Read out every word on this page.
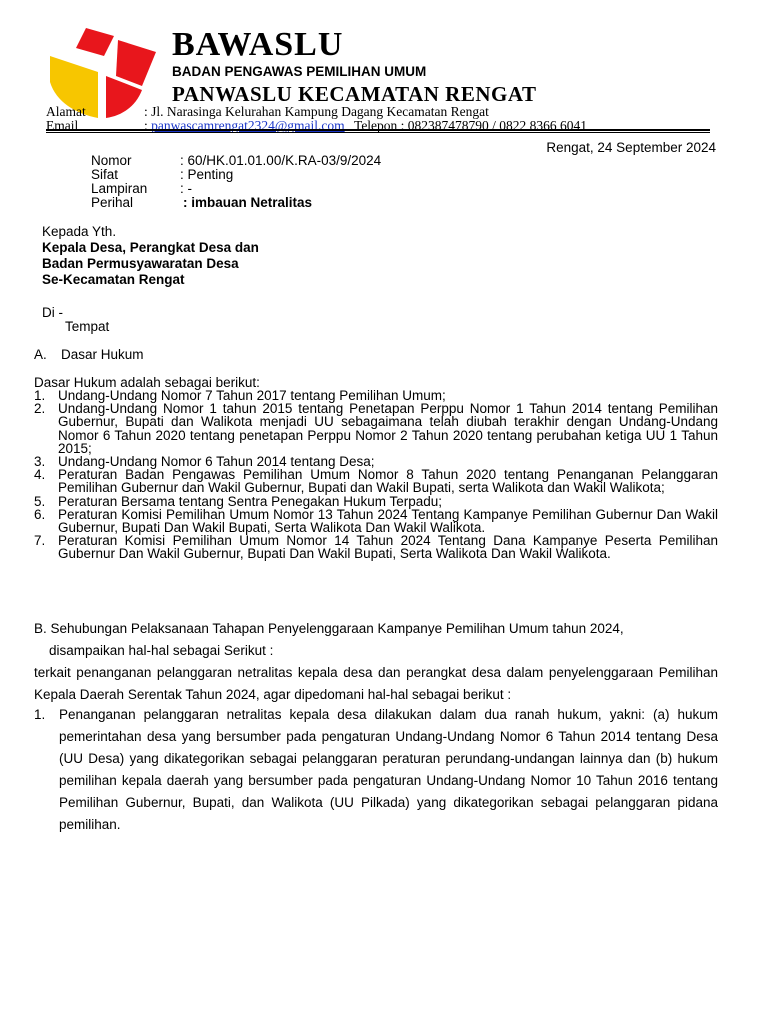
BAWASLU
BADAN PENGAWAS PEMILIHAN UMUM
PANWASLU KECAMATAN RENGAT
Alamat	: Jl. Narasinga Kelurahan Kampung Dagang Kecamatan Rengat
Email	: panwascamrengat2324@gmail.com Telepon : 082387478790 / 0822 8366 6041
Rengat, 24 September 2024
Nomor	: 60/HK.01.01.00/K.RA-03/9/2024
Sifat	: Penting
Lampiran : -
Perihal	: imbauan Netralitas
Kepada Yth.
Kepala Desa, Perangkat Desa dan
Badan Permusyawaratan Desa
Se-Kecamatan Rengat
Di -
Tempat
A. Dasar Hukum
Dasar Hukum adalah sebagai berikut:
1. Undang-Undang Nomor 7 Tahun 2017 tentang Pemilihan Umum;
2. Undang-Undang Nomor 1 tahun 2015 tentang Penetapan Perppu Nomor 1 Tahun 2014 tentang Pemilihan Gubernur, Bupati dan Walikota menjadi UU sebagaimana telah diubah terakhir dengan Undang-Undang Nomor 6 Tahun 2020 tentang penetapan Perppu Nomor 2 Tahun 2020 tentang perubahan ketiga UU 1 Tahun 2015;
3. Undang-Undang Nomor 6 Tahun 2014 tentang Desa;
4. Peraturan Badan Pengawas Pemilihan Umum Nomor 8 Tahun 2020 tentang Penanganan Pelanggaran Pemilihan Gubernur dan Wakil Gubernur, Bupati dan Wakil Bupati, serta Walikota dan Wakil Walikota;
5. Peraturan Bersama tentang Sentra Penegakan Hukum Terpadu;
6. Peraturan Komisi Pemilihan Umum Nomor 13 Tahun 2024 Tentang Kampanye Pemilihan Gubernur Dan Wakil Gubernur, Bupati Dan Wakil Bupati, Serta Walikota Dan Wakil Walikota.
7. Peraturan Komisi Pemilihan Umum Nomor 14 Tahun 2024 Tentang Dana Kampanye Peserta Pemilihan Gubernur Dan Wakil Gubernur, Bupati Dan Wakil Bupati, Serta Walikota Dan Wakil Walikota.
B. Sehubungan Pelaksanaan Tahapan Penyelenggaraan Kampanye Pemilihan Umum tahun 2024,
disampaikan hal-hal sebagai Serikut :
terkait penanganan pelanggaran netralitas kepala desa dan perangkat desa dalam penyelenggaraan Pemilihan Kepala Daerah Serentak Tahun 2024, agar dipedomani hal-hal sebagai berikut :
1. Penanganan pelanggaran netralitas kepala desa dilakukan dalam dua ranah hukum, yakni: (a) hukum pemerintahan desa yang bersumber pada pengaturan Undang-Undang Nomor 6 Tahun 2014 tentang Desa (UU Desa) yang dikategorikan sebagai pelanggaran peraturan perundang-undangan lainnya dan (b) hukum pemilihan kepala daerah yang bersumber pada pengaturan Undang-Undang Nomor 10 Tahun 2016 tentang Pemilihan Gubernur, Bupati, dan Walikota (UU Pilkada) yang dikategorikan sebagai pelanggaran pidana pemilihan.
